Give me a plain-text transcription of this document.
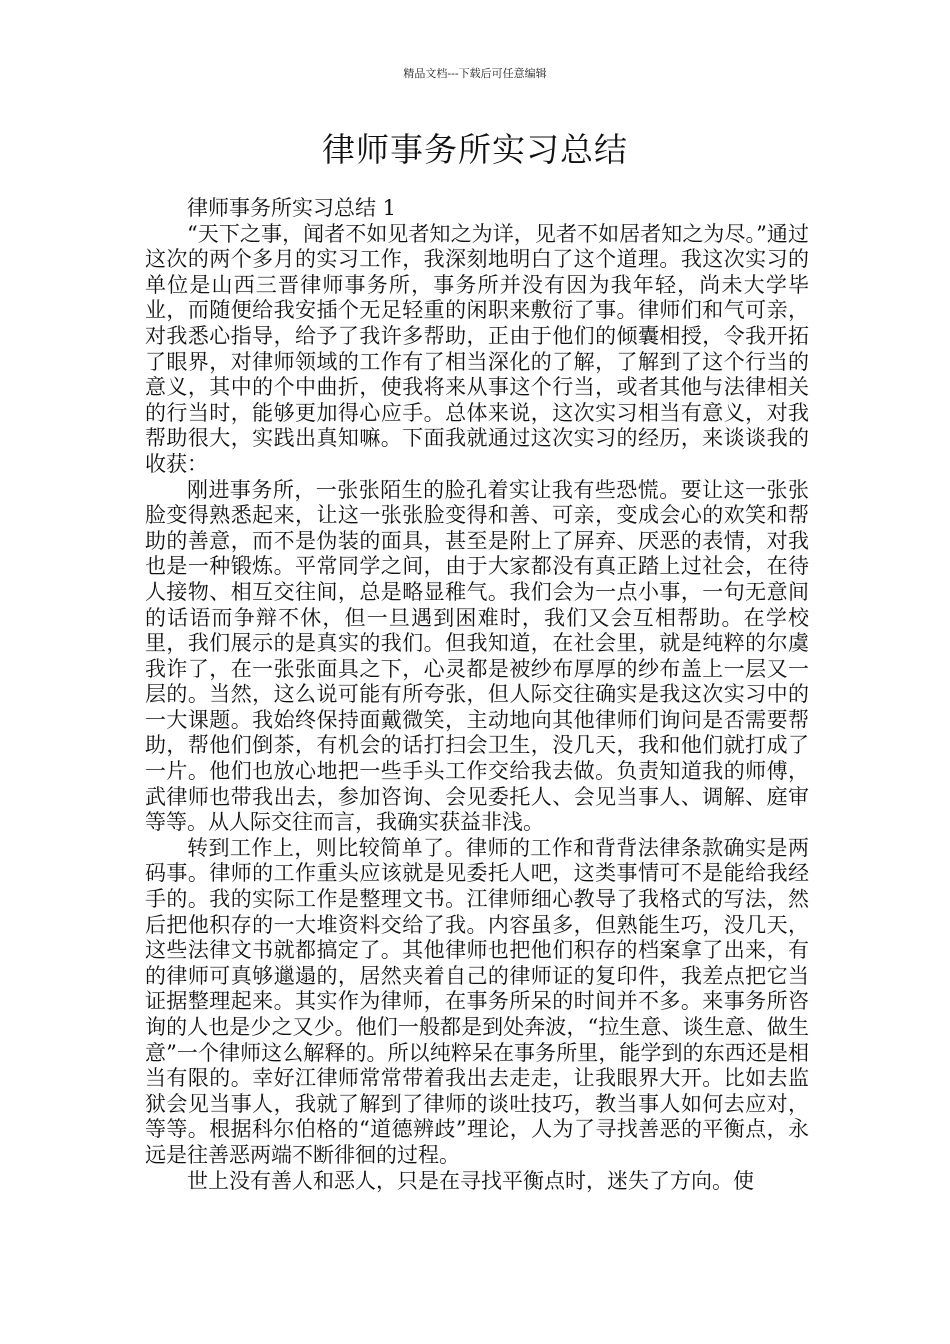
精品文档---下载后可任意编辑
律师事务所实习总结

律师事务所实习总结 1

“天下之事，闻者不如见者知之为详，见者不如居者知之为尽。”通过这次的两个多月的实习工作，我深刻地明白了这个道理。我这次实习的单位是山西三晋律师事务所，事务所并没有因为我年轻，尚未大学毕业，而随便给我安插个无足轻重的闲职来敷衍了事。律师们和气可亲，对我悉心指导，给予了我许多帮助，正由于他们的倾囊相授，令我开拓了眼界，对律师领域的工作有了相当深化的了解，了解到了这个行当的意义，其中的个中曲折，使我将来从事这个行当，或者其他与法律相关的行当时，能够更加得心应手。总体来说，这次实习相当有意义，对我帮助很大，实践出真知嘛。下面我就通过这次实习的经历，来谈谈我的收获：

刚进事务所，一张张陌生的脸孔着实让我有些恐慌。要让这一张张脸变得熟悉起来，让这一张张脸变得和善、可亲，变成会心的欢笑和帮助的善意，而不是伪装的面具，甚至是附上了屏弃、厌恶的表情，对我也是一种锻炼。平常同学之间，由于大家都没有真正踏上过社会，在待人接物、相互交往间，总是略显稚气。我们会为一点小事，一句无意间的话语而争辩不休，但一旦遇到困难时，我们又会互相帮助。在学校里，我们展示的是真实的我们。但我知道，在社会里，就是纯粹的尔虞我诈了，在一张张面具之下，心灵都是被纱布厚厚的纱布盖上一层又一层的。当然，这么说可能有所夸张，但人际交往确实是我这次实习中的一大课题。我始终保持面戴微笑，主动地向其他律师们询问是否需要帮助，帮他们倒茶，有机会的话打扫会卫生，没几天，我和他们就打成了一片。他们也放心地把一些手头工作交给我去做。负责知道我的师傅，武律师也带我出去，参加咨询、会见委托人、会见当事人、调解、庭审等等。从人际交往而言，我确实获益非浅。

转到工作上，则比较简单了。律师的工作和背背法律条款确实是两码事。律师的工作重头应该就是见委托人吧，这类事情可不是能给我经手的。我的实际工作是整理文书。江律师细心教导了我格式的写法，然后把他积存的一大堆资料交给了我。内容虽多，但熟能生巧，没几天，这些法律文书就都搞定了。其他律师也把他们积存的档案拿了出来，有的律师可真够邋遢的，居然夹着自己的律师证的复印件，我差点把它当证据整理起来。其实作为律师，在事务所呆的时间并不多。来事务所咨询的人也是少之又少。他们一般都是到处奔波，“拉生意、谈生意、做生意”一个律师这么解释的。所以纯粹呆在事务所里，能学到的东西还是相当有限的。幸好江律师常常带着我出去走走，让我眼界大开。比如去监狱会见当事人，我就了解到了律师的谈吐技巧，教当事人如何去应对，等等。根据科尔伯格的“道德辨歧”理论，人为了寻找善恶的平衡点，永远是往善恶两端不断徘徊的过程。

世上没有善人和恶人，只是在寻找平衡点时，迷失了方向。使
